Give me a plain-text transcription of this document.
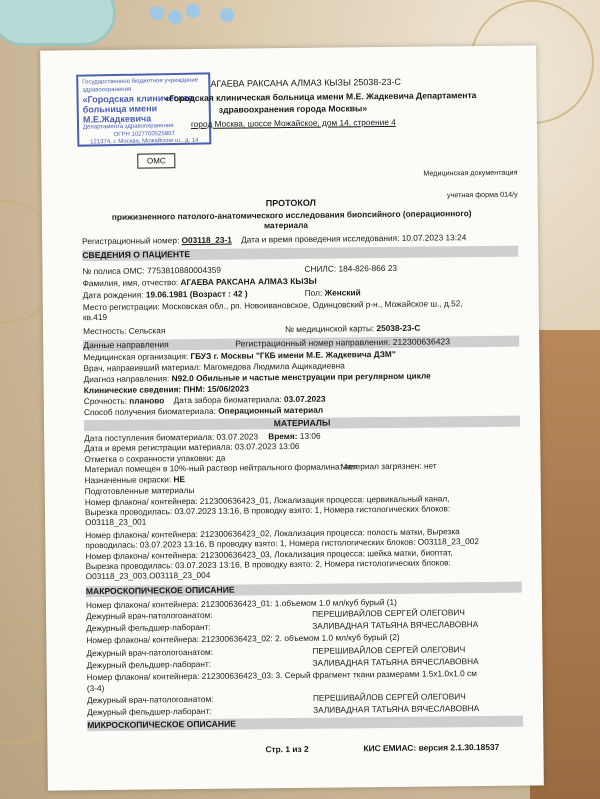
Государственное бюджетное учреждение здравоохранения
«Городская клиническая
больница имени М.Е.Жадкевича
Департамента здравоохранения
ОГРН 1027700525807
121374, г. Москва, Можайское ш., д. 14
АГАЕВА РАКСАНА АЛМАЗ КЫЗЫ 25038-23-С
«Городская клиническая больница имени М.Е. Жадкевича Департамента
здравоохранения города Москвы»
город Москва, шоссе Можайское, дом 14, строение 4
ОМС
Медицинская документация
учетная форма 014/у
ПРОТОКОЛ
прижизненного патолого-анатомического исследования биопсийного (операционного)
материала
Регистрационный номер: О03118_23-1 Дата и время проведения исследования: 10.07.2023 13:24
СВЕДЕНИЯ О ПАЦИЕНТЕ
№ полиса ОМС: 7753810880004359	СНИЛС: 184-826-866 23
Фамилия, имя, отчество: АГАЕВА РАКСАНА АЛМАЗ КЫЗЫ
Дата рождения: 19.06.1981 (Возраст : 42 )	Пол: Женский
Место регистрации: Московская обл., рп. Новоивановское, Одинцовский р-н., Можайское ш., д.52,
кв.419
Местность: Сельская	№ медицинской карты: 25038-23-С
Данные направления	Регистрационный номер направления: 212300636423
Медицинская организация: ГБУЗ г. Москвы "ГКБ имени М.Е. Жадкевича ДЗМ"
Врач, направивший материал: Магомедова Людмила Ащикадиевна
Диагноз направления: N92.0 Обильные и частые менструации при регулярном цикле
Клинические сведения: ПНМ: 15/06/2023
Срочность: планово Дата забора биоматериала: 03.07.2023
Способ получения биоматериала: Операционный материал
МАТЕРИАЛЫ
Дата поступления биоматериала: 03.07.2023 Время: 13:06
Дата и время регистрации материала: 03.07.2023 13:06
Отметка о сохранности упаковки: да
Материал помещен в 10%-ный раствор нейтрального формалина: нет
Материал загрязнен: нет
Назначенные окраски: НЕ
Подготовленные материалы
Номер флакона/ контейнера: 212300636423_01, Локализация процесса: цервикальный канал,
Вырезка проводилась: 03.07.2023 13:16, В проводку взято: 1, Номера гистологических блоков:
О03118_23_001
Номер флакона/ контейнера: 212300636423_02, Локализация процесса: полость матки, Вырезка
проводилась: 03.07.2023 13:16, В проводку взято: 1, Номера гистологических блоков: О03118_23_002
Номер флакона/ контейнера: 212300636423_03, Локализация процесса: шейка матки, биоптат,
Вырезка проводилась: 03.07.2023 13:16, В проводку взято: 2, Номера гистологических блоков:
О03118_23_003,О03118_23_004
МАКРОСКОПИЧЕСКОЕ ОПИСАНИЕ
Номер флакона/ контейнера: 212300636423_01: 1.объемом 1.0 мл/куб бурый (1)
Дежурный врач-патологоанатом:	ПЕРЕШИВАЙЛОВ СЕРГЕЙ ОЛЕГОВИЧ
Дежурный фельдшер-лаборант:	ЗАЛИВАДНАЯ ТАТЬЯНА ВЯЧЕСЛАВОВНА
Номер флакона/ контейнера: 212300636423_02: 2. объемом 1.0 мл/куб бурый (2)
Дежурный врач-патологоанатом:	ПЕРЕШИВАЙЛОВ СЕРГЕЙ ОЛЕГОВИЧ
Дежурный фельдшер-лаборант:	ЗАЛИВАДНАЯ ТАТЬЯНА ВЯЧЕСЛАВОВНА
Номер флакона/ контейнера: 212300636423_03: 3. Серый фрагмент ткани размерами 1.5х1.0х1.0 см
(3-4)
Дежурный врач-патологоанатом:	ПЕРЕШИВАЙЛОВ СЕРГЕЙ ОЛЕГОВИЧ
Дежурный фельдшер-лаборант:	ЗАЛИВАДНАЯ ТАТЬЯНА ВЯЧЕСЛАВОВНА
МИКРОСКОПИЧЕСКОЕ ОПИСАНИЕ
Стр. 1 из 2	КИС ЕМИАС: версия 2.1.30.18537
